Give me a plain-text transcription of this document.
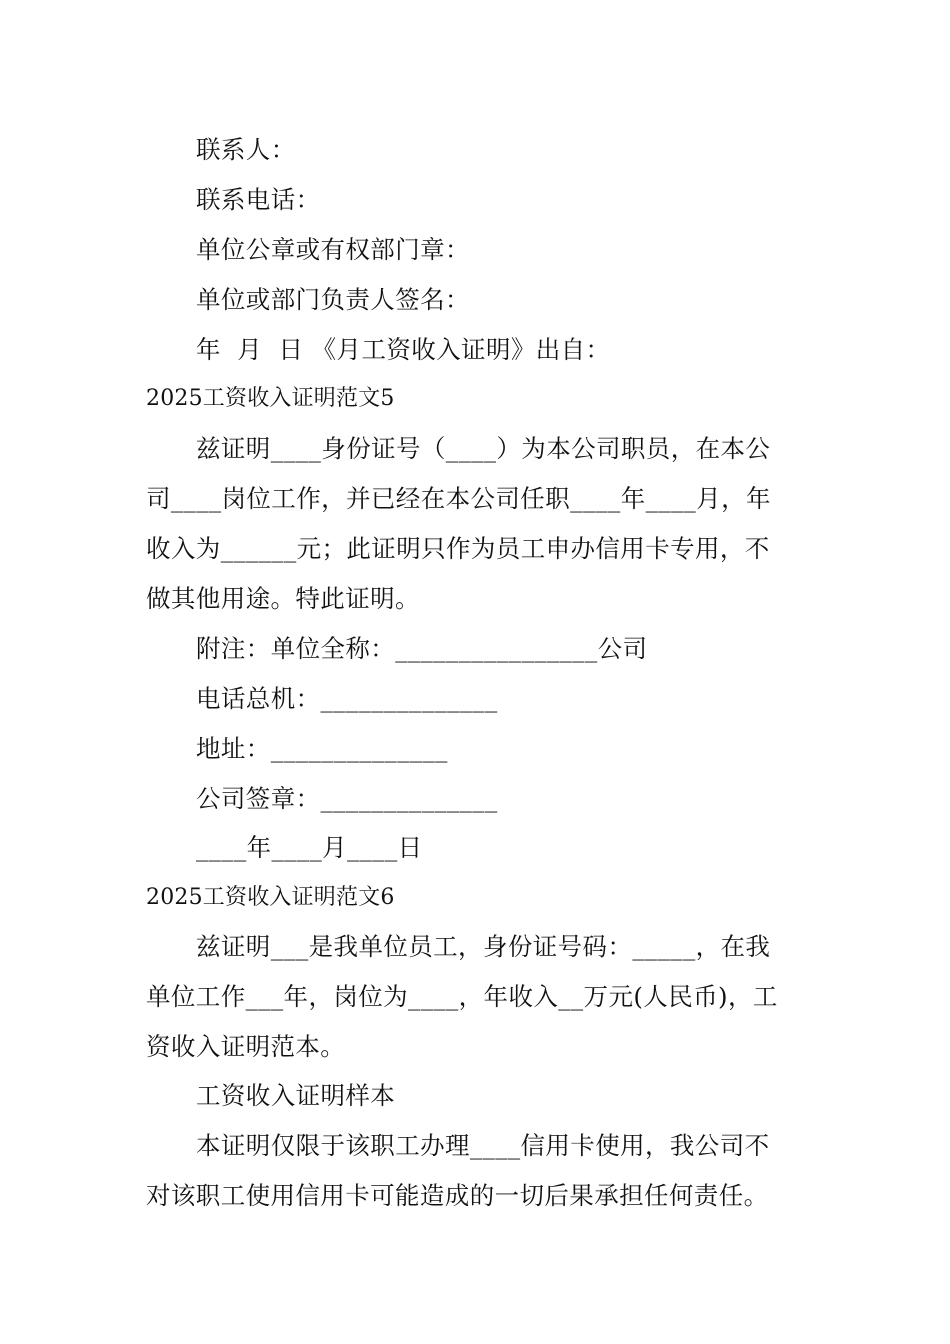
联系人：
联系电话：
单位公章或有权部门章：
单位或部门负责人签名：
年  月  日 《月工资收入证明》出自：
2025工资收入证明范文5
兹证明____身份证号（____）为本公司职员，在本公
司____岗位工作，并已经在本公司任职____年____月，年
收入为______元；此证明只作为员工申办信用卡专用，不
做其他用途。特此证明。
附注：单位全称：________________公司
电话总机：______________
地址：______________
公司签章：______________
____年____月____日
2025工资收入证明范文6
兹证明___是我单位员工，身份证号码：_____，在我
单位工作___年，岗位为____，年收入__万元(人民币)，工
资收入证明范本。
工资收入证明样本
本证明仅限于该职工办理____信用卡使用，我公司不
对该职工使用信用卡可能造成的一切后果承担任何责任。
